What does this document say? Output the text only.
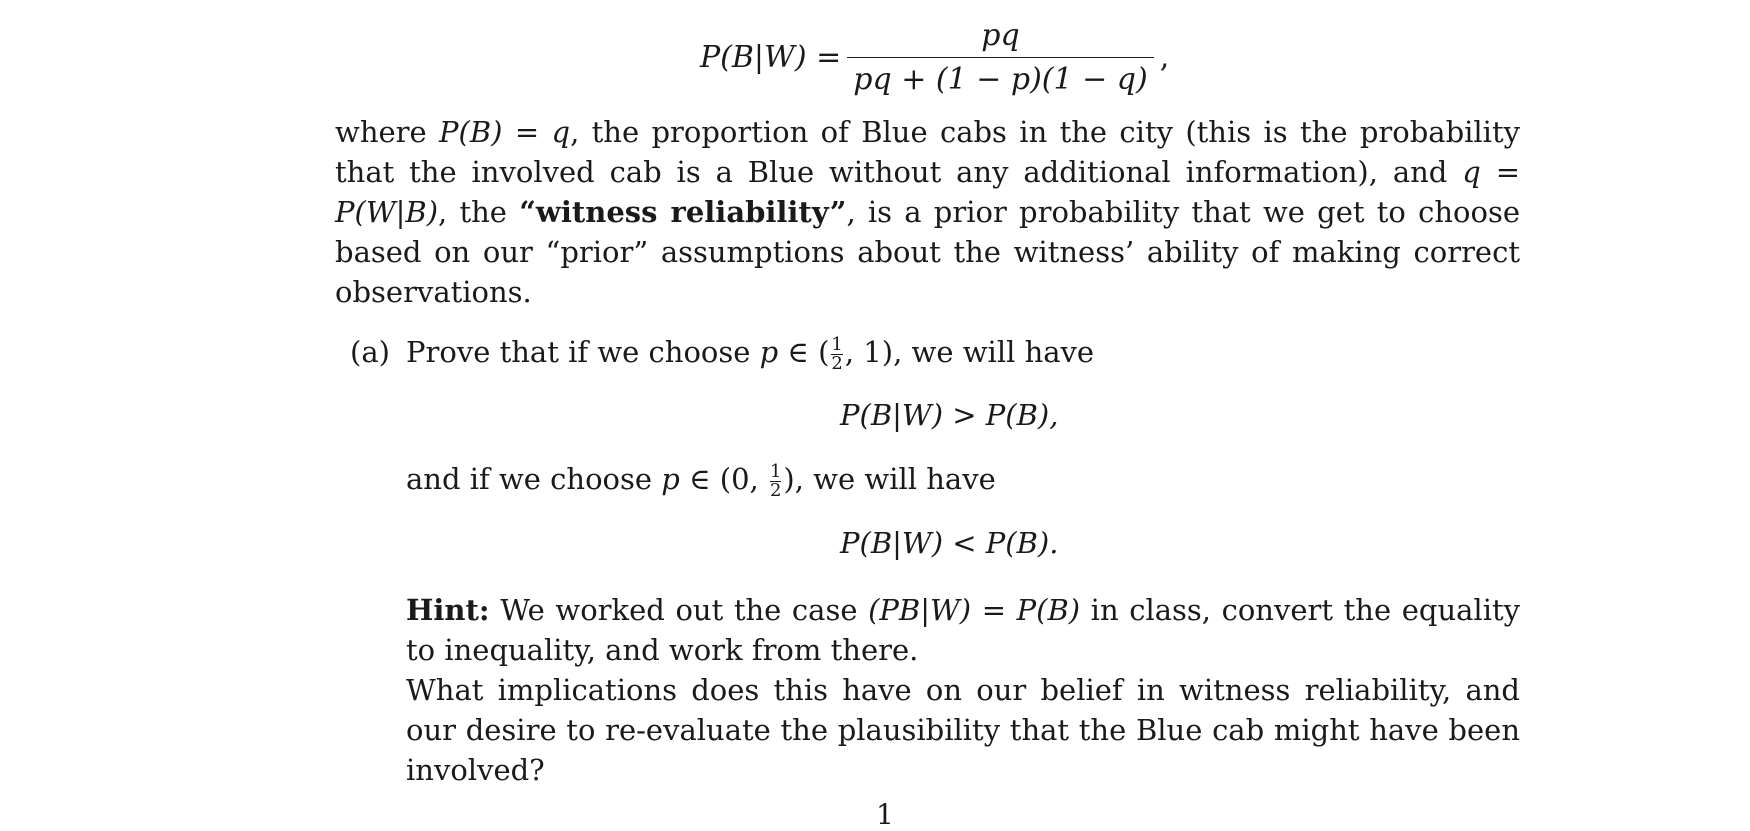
$P(B|W) = \frac{pq}{pq + (1 - p)(1 - q)}$ ,
where P(B) = q, the proportion of Blue cabs in the city (this is the probability that the involved cab is a Blue without any additional information), and q = P(W|B), the “witness reliability”, is a prior probability that we get to choose based on our “prior” assumptions about the witness’ ability of making correct observations.
(a) Prove that if we choose p ∈ ( $\frac{1}{2}$ , 1), we will have
P(B|W) > P(B),
and if we choose p ∈ (0, $\frac{1}{2}$ ), we will have
P(B|W) < P(B).
Hint: We worked out the case (PB|W) = P(B) in class, convert the equality to inequality, and work from there.
What implications does this have on our belief in witness reliability, and our desire to re-evaluate the plausibility that the Blue cab might have been involved?
1
